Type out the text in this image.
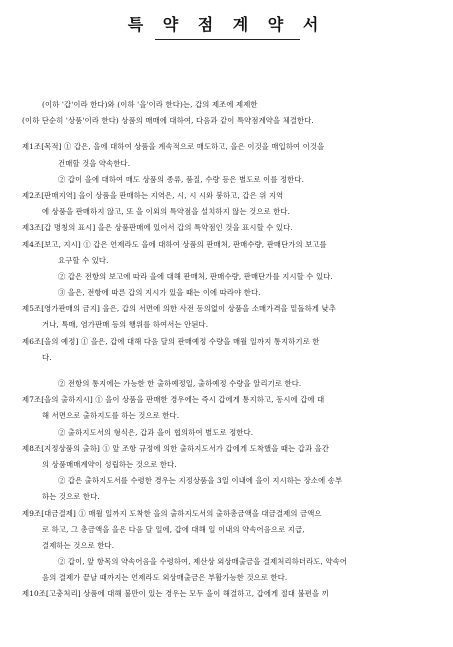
특 약 점 계 약 서
(이하 '갑'이라 한다)와 (이하 '을'이라 한다)는, 갑의 제조에 제제한
(이하 단순히 '상품'이라 한다) 상품의 매매에 대하여, 다음과 같이 특약점계약을 체결한다.
제1조[목적] ① 갑은, 을에 대하여 상품을 계속적으로 매도하고, 을은 이것을 매입하여 이것을
건매할 것을 약속한다.
② 갑이 을에 대하여 매도 상품의 종류, 품질, 수량 등은 별도로 이를 정한다.
제2조[판매지역] 을이 상품을 판매하는 지역은, 시, 시 시와 붕하고, 갑은 위 지역
에 상품을 판매하지 않고, 또 을 이외의 특약점을 설치하지 않는 것으로 한다.
제3조[갑 명칭의 표시] 을은 상품판매에 있어서 갑의 특약점인 것을 표시할 수 있다.
제4조[보고, 지시] ① 갑은 언제라도 을에 대하여 상품의 판매처, 판매수량, 판매단가의 보고를
요구할 수 있다.
② 갑은 전항의 보고에 따라 을에 대해 판매처, 판매수량, 판매단가를 지시할 수 있다.
③ 을은, 전항에 따른 갑의 지시가 있을 때는 이에 따라야 한다.
제5조[영가판매의 금지] 을은, 갑의 서면에 의한 사전 동의없이 상품을 소매가격을 밑돌하게 낮추
거나, 특매, 염가판매 등의 행위를 하여서는 안된다.
제6조[을의 예정] ① 을은, 갑에 대해 다음 달의 판매예정 수량을 매월 일까지 통지하기로 한
다.
② 전항의 통지에는 가능한 한 출하예정일, 출하예정 수량을 알리기로 한다.
제7조[을의 출하지시] ① 을이 상품을 판매한 경우에는 즉시 갑에게 통지하고, 동시에 갑에 대
해 서면으로 출하지도를 하는 것으로 한다.
② 출하지도서의 형식은, 갑과 을이 협의하여 별도로 정한다.
제8조[지정상품의 출하] ① 앞 조항 규정에 의한 출하지도서가 갑에게 도착했을 때는 갑과 을간
의 상품매매계약이 성립하는 것으로 한다.
② 갑은 출하지도서를 수령한 경우는 지정상품을 3일 이내에 을이 지시하는 장소에 송부
하는 것으로 한다.
제9조[대금결제] ① 매월 일까지 도착한 을의 출하지도서의 출하총금액을 대금결제의 금액으
로 하고, 그 총금액을 을은 다음 달 일에, 갑에 대해 일 이내의 약속어음으로 지급,
결제하는 것으로 한다.
② 갑이, 앞 항목의 약속어음을 수령하여, 제산상 외상매출금을 결제처리하더라도, 약속어
음의 결제가 끝날 때까지는 언제라도 외상매출금은 부활가능한 것으로 한다.
제10조[고충처리] 상품에 대해 불만이 있는 경우는 모두 을이 해결하고, 갑에게 절대 불편을 끼
